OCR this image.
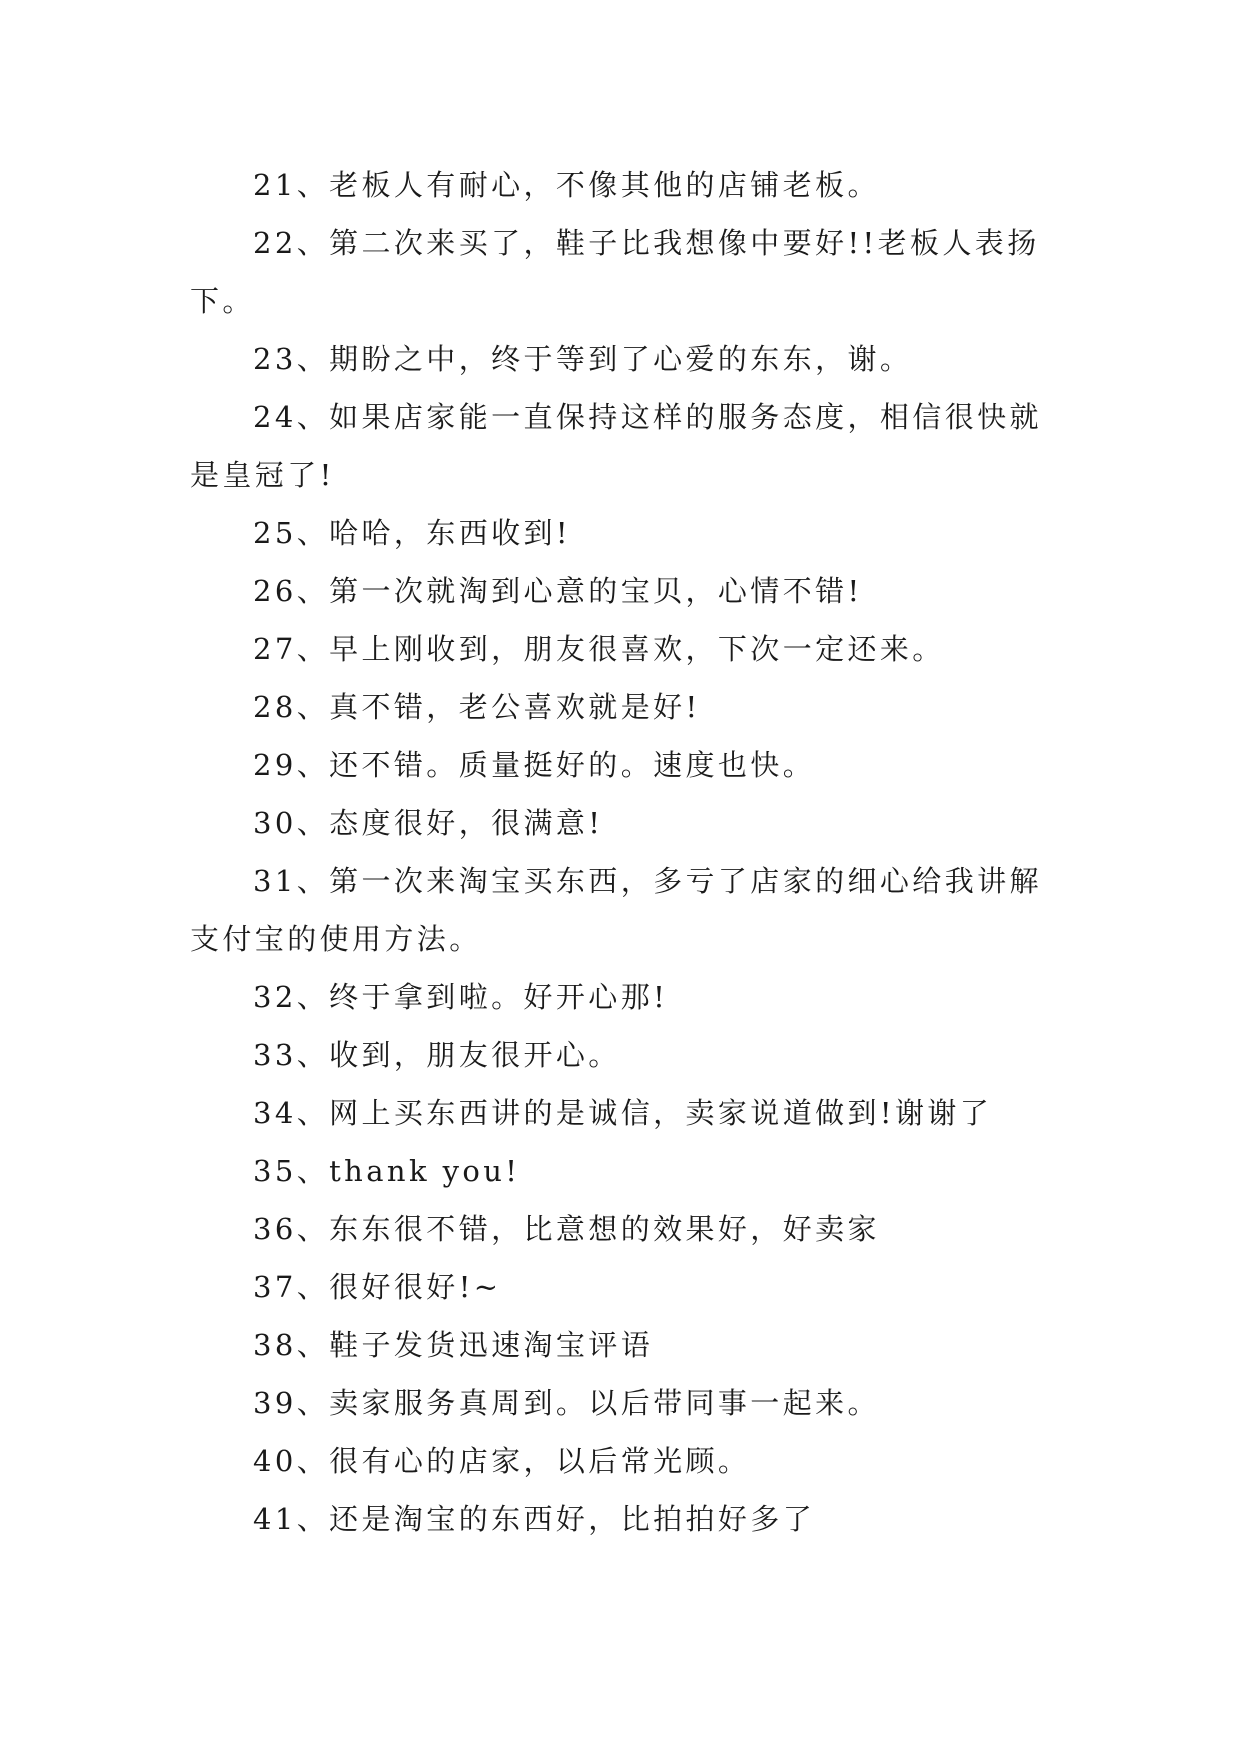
21、老板人有耐心，不像其他的店铺老板。

22、第二次来买了，鞋子比我想像中要好!!老板人表扬下。

23、期盼之中，终于等到了心爱的东东，谢。

24、如果店家能一直保持这样的服务态度，相信很快就是皇冠了!

25、哈哈，东西收到!

26、第一次就淘到心意的宝贝，心情不错!

27、早上刚收到，朋友很喜欢，下次一定还来。

28、真不错，老公喜欢就是好!

29、还不错。质量挺好的。速度也快。

30、态度很好，很满意!

31、第一次来淘宝买东西，多亏了店家的细心给我讲解支付宝的使用方法。

32、终于拿到啦。好开心那!

33、收到，朋友很开心。

34、网上买东西讲的是诚信，卖家说道做到!谢谢了

35、thank you!

36、东东很不错，比意想的效果好，好卖家

37、很好很好!~

38、鞋子发货迅速淘宝评语

39、卖家服务真周到。以后带同事一起来。

40、很有心的店家，以后常光顾。

41、还是淘宝的东西好，比拍拍好多了
